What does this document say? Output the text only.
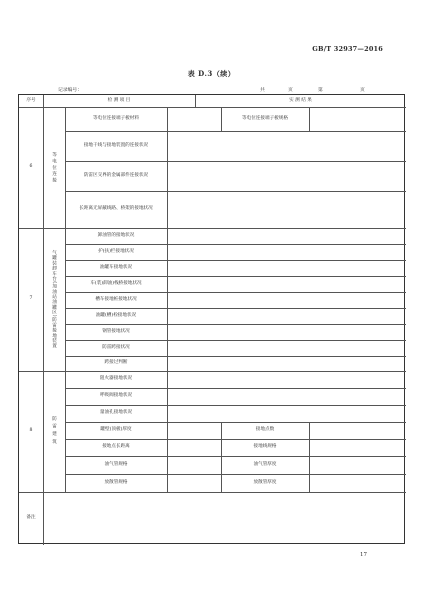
GB/T 32937—2016
表 D.3（续）
记录编号：	共	页	第	页
序号	检 测 项 目	实 测 结 果
6	等电位连接
等电位连接端子板材料	等电位连接端子板规格
接地干线与接地装置的连接状况
防雷区交界的金属部件连接状况
长距离无屏蔽线路、桥架的接地状况
7	气罐装卸车台(加油站油罐区)防雷接地装置
卸油管的接地状况
护(扶)栏接地状况
油罐车接地状况
车(装)卸油)栈桥接地状况
槽车接地桩接地状况
油罐(槽)栓接地状况
钢管接地状况
防雷跨接状况
跨接过判断
8	防雷建筑
阻火器接地状况
呼吸阀接地状况
量油孔接地状况
罐壁(顶板)厚度	接地点数
接地点长距离	接地线规格
油气管规格	油气管厚度
放散管规格	放散管厚度
备注
17
